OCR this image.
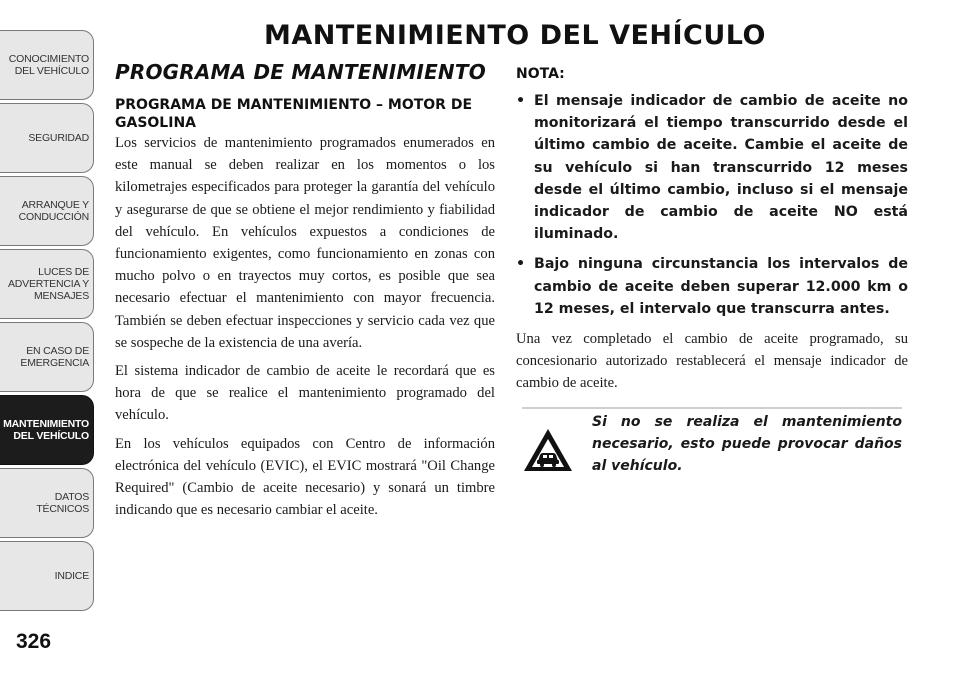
CONOCIMIENTO
DEL VEHÍCULO
SEGURIDAD
ARRANQUE Y
CONDUCCIÓN
LUCES DE
ADVERTENCIA Y
MENSAJES
EN CASO DE
EMERGENCIA
MANTENIMIENTO
DEL VEHÍCULO
DATOS
TÉCNICOS
INDICE
326
MANTENIMIENTO DEL VEHÍCULO
PROGRAMA DE MANTENIMIENTO
PROGRAMA DE MANTENIMIENTO – MOTOR DE GASOLINA

Los servicios de mantenimiento programados enumerados en este manual se deben realizar en los momentos o los kilometrajes especificados para proteger la garantía del vehículo y asegurarse de que se obtiene el mejor rendimiento y fiabilidad del vehículo. En vehículos expuestos a condiciones de funcionamiento exigentes, como funcionamiento en zonas con mucho polvo o en trayectos muy cortos, es posible que sea necesario efectuar el mantenimiento con mayor frecuencia. También se deben efectuar inspecciones y servicio cada vez que se sospeche de la existencia de una avería.

El sistema indicador de cambio de aceite le recordará que es hora de que se realice el mantenimiento programado del vehículo.

En los vehículos equipados con Centro de información electrónica del vehículo (EVIC), el EVIC mostrará "Oil Change Required" (Cambio de aceite necesario) y sonará un timbre indicando que es necesario cambiar el aceite.

NOTA:
• El mensaje indicador de cambio de aceite no monitorizará el tiempo transcurrido desde el último cambio de aceite. Cambie el aceite de su vehículo si han transcurrido 12 meses desde el último cambio, incluso si el mensaje indicador de cambio de aceite NO está iluminado.
• Bajo ninguna circunstancia los intervalos de cambio de aceite deben superar 12.000 km o 12 meses, el intervalo que transcurra antes.

Una vez completado el cambio de aceite programado, su concesionario autorizado restablecerá el mensaje indicador de cambio de aceite.

Si no se realiza el mantenimiento necesario, esto puede provocar daños al vehículo.
